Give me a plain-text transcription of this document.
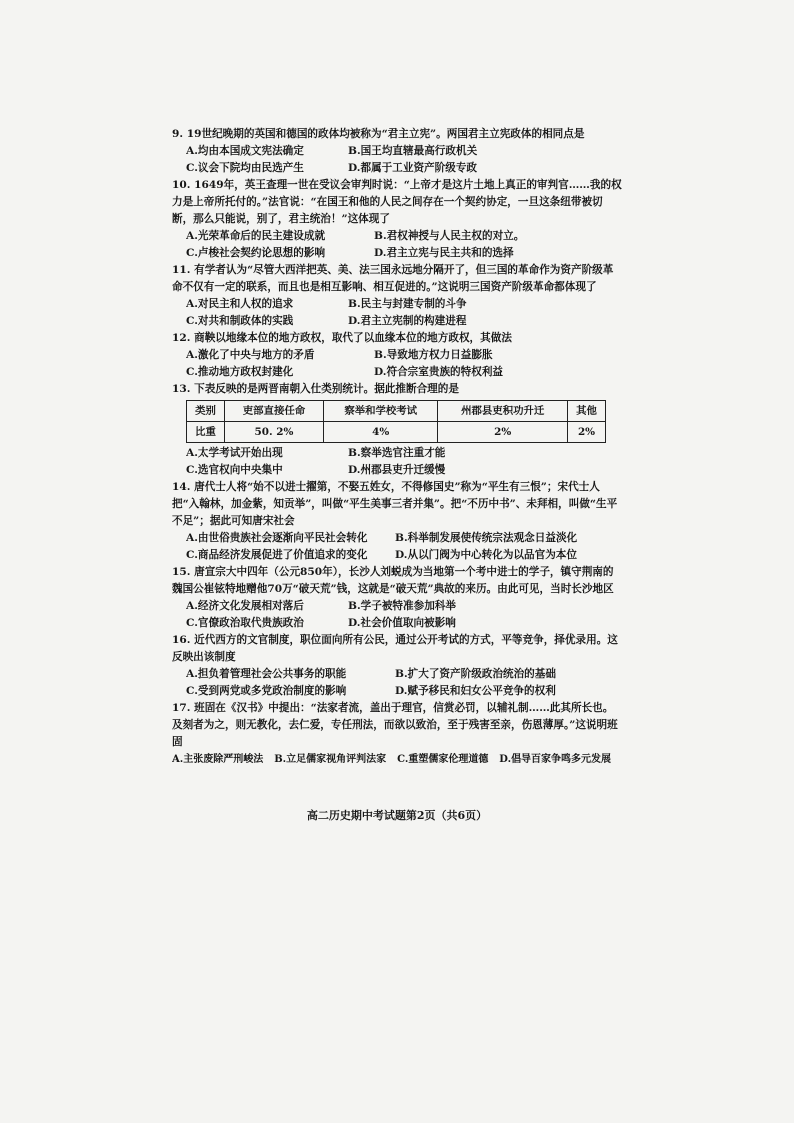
9. 19世纪晚期的英国和德国的政体均被称为“君主立宪”。两国君主立宪政体的相同点是
A.均由本国成文宪法确定	B.国王均直辖最高行政机关
C.议会下院均由民选产生	D.都属于工业资产阶级专政
10. 1649年，英王查理一世在受议会审判时说：“上帝才是这片土地上真正的审判官……我的权力是上帝所托付的。”法官说：“在国王和他的人民之间存在一个契约协定，一旦这条纽带被切断，那么只能说，别了，君主统治！”这体现了
A.光荣革命后的民主建设成就	B.君权神授与人民主权的对立。
C.卢梭社会契约论思想的影响	D.君主立宪与民主共和的选择
11. 有学者认为“尽管大西洋把英、美、法三国永远地分隔开了，但三国的革命作为资产阶级革命不仅有一定的联系，而且也是相互影响、相互促进的。”这说明三国资产阶级革命都体现了
A.对民主和人权的追求	B.民主与封建专制的斗争
C.对共和制政体的实践	D.君主立宪制的构建进程
12. 商鞅以地缘本位的地方政权，取代了以血缘本位的地方政权，其做法
A.激化了中央与地方的矛盾	B.导致地方权力日益膨胀
C.推动地方政权封建化	D.符合宗室贵族的特权利益
13. 下表反映的是两晋南朝入仕类别统计。据此推断合理的是
类别	吏部直接任命	察举和学校考试	州郡县吏积功升迁	其他
比重	50. 2%	4%	2%	2%
A.太学考试开始出现	B.察举选官注重才能
C.选官权向中央集中	D.州郡县吏升迁缓慢
14. 唐代士人将“始不以进士擢第，不娶五姓女，不得修国史”称为“平生有三恨”；宋代士人把“入翰林，加金紫，知贡举”，叫做“平生美事三者并集”。把“不历中书”、未拜相，叫做“生平不足”；据此可知唐宋社会
A.由世俗贵族社会逐渐向平民社会转化	B.科举制发展使传统宗法观念日益淡化
C.商品经济发展促进了价值追求的变化	D.从以门阀为中心转化为以品官为本位
15. 唐宣宗大中四年（公元850年），长沙人刘蜕成为当地第一个考中进士的学子，镇守荆南的魏国公崔铉特地赠他70万“破天荒”钱，这就是“破天荒”典故的来历。由此可见，当时长沙地区
A.经济文化发展相对落后	B.学子被特准参加科举
C.官僚政治取代贵族政治	D.社会价值取向被影响
16. 近代西方的文官制度，职位面向所有公民，通过公开考试的方式，平等竞争，择优录用。这反映出该制度
A.担负着管理社会公共事务的职能	B.扩大了资产阶级政治统治的基础
C.受到两党或多党政治制度的影响	D.赋予移民和妇女公平竞争的权利
17. 班固在《汉书》中提出：“法家者流，盖出于理官，信赏必罚，以辅礼制……此其所长也。及刻者为之，则无教化，去仁爱，专任刑法，而欲以致治，至于残害至亲，伤恩薄厚。”这说明班固
A.主张废除严刑峻法	B.立足儒家视角评判法家	C.重塑儒家伦理道德	D.倡导百家争鸣多元发展
高二历史期中考试题第2页（共6页）
